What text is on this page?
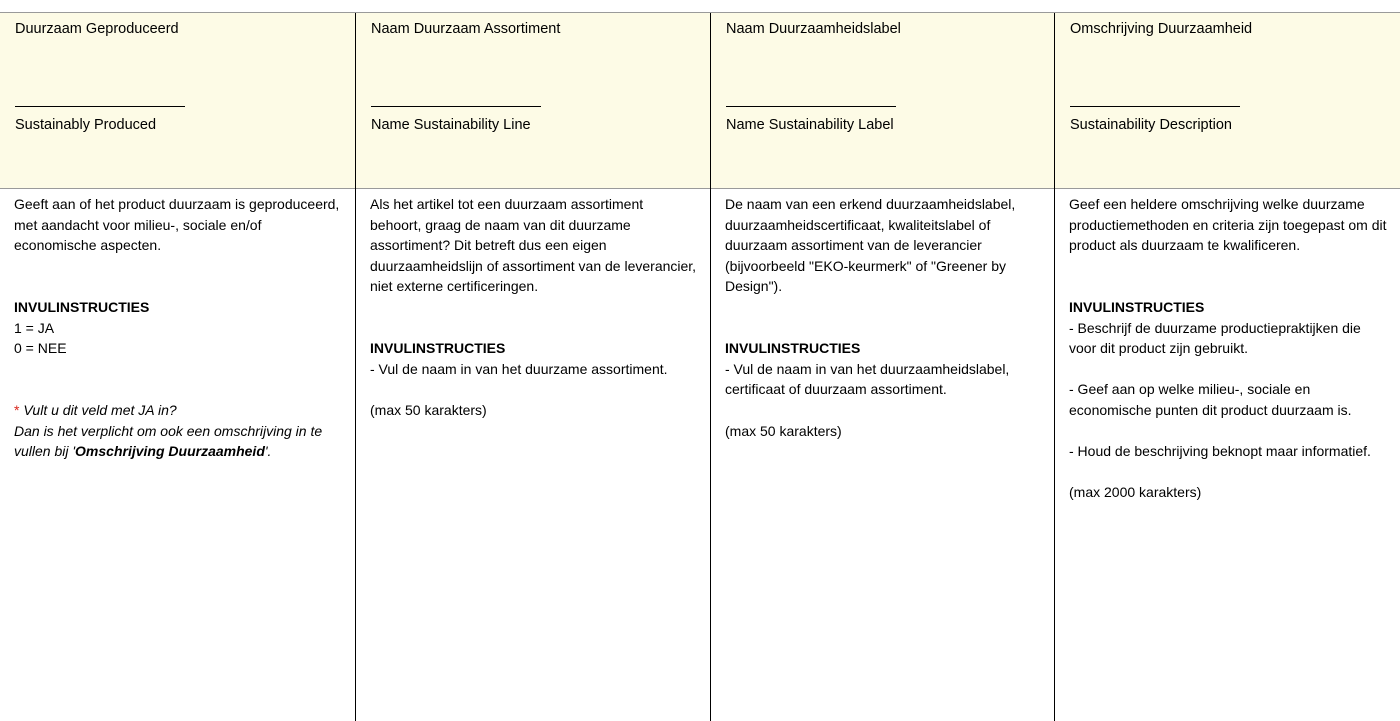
Duurzaam Geproduceerd
Sustainably Produced
Geeft aan of het product duurzaam is geproduceerd, met aandacht voor milieu-, sociale en/of economische aspecten.
INVULINSTRUCTIES
1 = JA
0 = NEE
* Vult u dit veld met JA in?
Dan is het verplicht om ook een omschrijving in te vullen bij 'Omschrijving Duurzaamheid'.
Naam Duurzaam Assortiment
Name Sustainability Line
Als het artikel tot een duurzaam assortiment behoort, graag de naam van dit duurzame assortiment? Dit betreft dus een eigen duurzaamheidslijn of assortiment van de leverancier, niet externe certificeringen.
INVULINSTRUCTIES
- Vul de naam in van het duurzame assortiment.
(max 50 karakters)
Naam Duurzaamheidslabel
Name Sustainability Label
De naam van een erkend duurzaamheidslabel, duurzaamheidscertificaat, kwaliteitslabel of duurzaam assortiment van de leverancier (bijvoorbeeld "EKO-keurmerk" of "Greener by Design").
INVULINSTRUCTIES
- Vul de naam in van het duurzaamheidslabel, certificaat of duurzaam assortiment.
(max 50 karakters)
Omschrijving Duurzaamheid
Sustainability Description
Geef een heldere omschrijving welke duurzame productiemethoden en criteria zijn toegepast om dit product als duurzaam te kwalificeren.
INVULINSTRUCTIES
- Beschrijf de duurzame productiepraktijken die voor dit product zijn gebruikt.
- Geef aan op welke milieu-, sociale en economische punten dit product duurzaam is.
- Houd de beschrijving beknopt maar informatief.
(max 2000 karakters)
